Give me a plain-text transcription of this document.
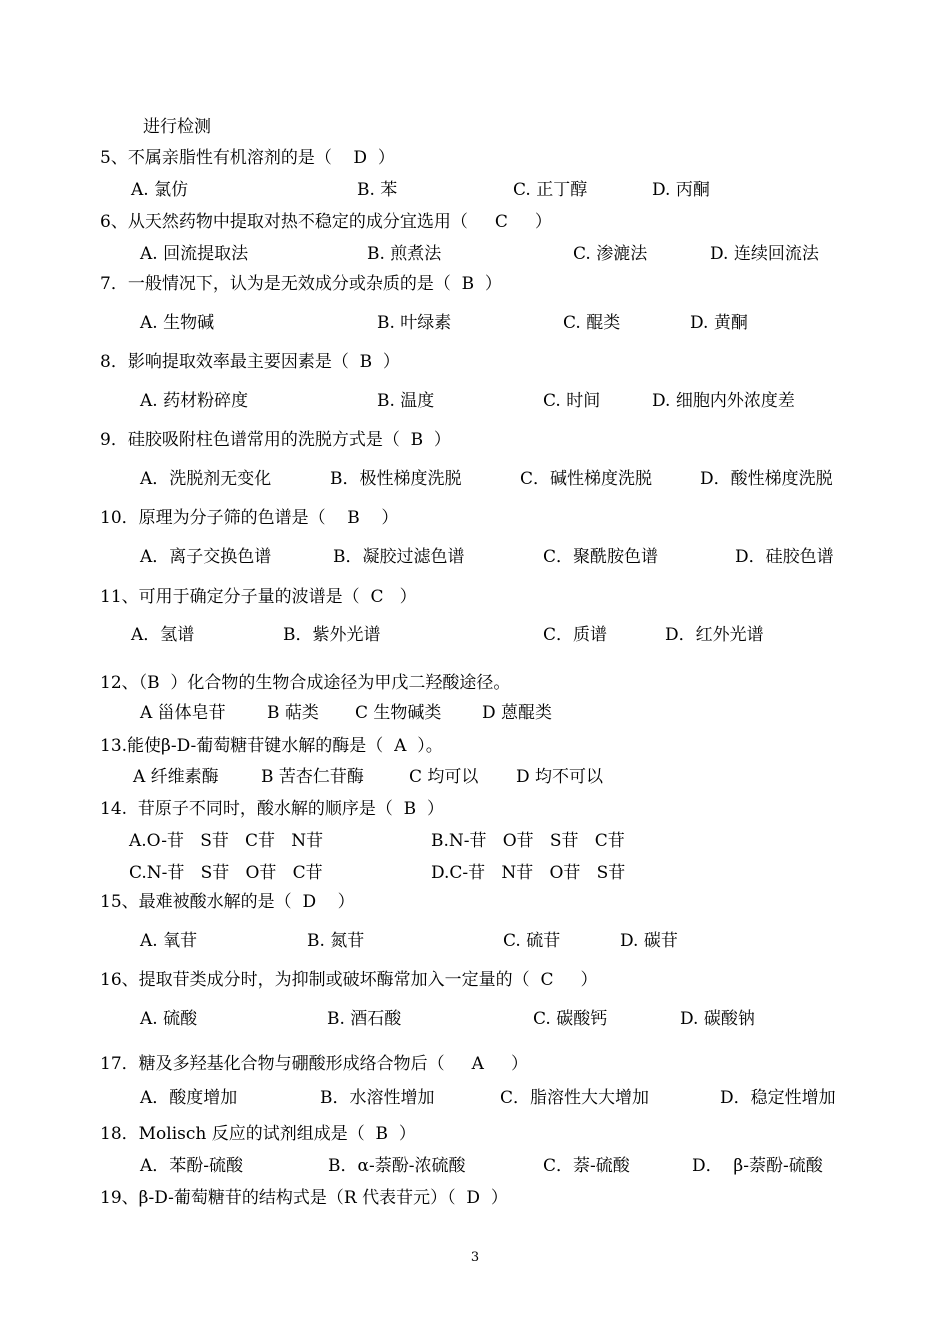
进行检测
5、不属亲脂性有机溶剂的是（    D  ）

A. 氯仿

	B. 苯

	C. 正丁醇

	D. 丙酮

6、从天然药物中提取对热不稳定的成分宜选用（     C     ）

A. 回流提取法

	B. 煎煮法

	C. 渗漉法

	D. 连续回流法

7．一般情况下，认为是无效成分或杂质的是（  B  ）

A. 生物碱

	B. 叶绿素

	C. 醌类

	D. 黄酮

8．影响提取效率最主要因素是（  B  ）

A. 药材粉碎度

	B. 温度

	C. 时间

	D. 细胞内外浓度差

9．硅胶吸附柱色谱常用的洗脱方式是（  B  ）

A．洗脱剂无变化

	B．极性梯度洗脱

	C．碱性梯度洗脱

	D．酸性梯度洗脱

10．原理为分子筛的色谱是（    B    ）

A．离子交换色谱

	B．凝胶过滤色谱

	C．聚酰胺色谱

	D．硅胶色谱

11、可用于确定分子量的波谱是（  C   ）

A．氢谱

	B．紫外光谱

	C．质谱

	D．红外光谱

12、（B  ）化合物的生物合成途径为甲戊二羟酸途径。

A 甾体皂苷

B 萜类

C 生物碱类

D 蒽醌类

13.能使β-D-葡萄糖苷键水解的酶是（  A  ）。

A 纤维素酶

B 苦杏仁苷酶

	C 均可以

D 均不可以

14.  苷原子不同时，酸水解的顺序是（  B  ）

A.O-苷   S苷   C苷   N苷

	B.N-苷   O苷   S苷   C苷

C.N-苷   S苷   O苷   C苷

	D.C-苷   N苷   O苷   S苷

15、最难被酸水解的是（  D    ）

A. 氧苷

	B. 氮苷

	C. 硫苷

	D. 碳苷

16、提取苷类成分时，为抑制或破坏酶常加入一定量的（  C     ）

A. 硫酸

	B. 酒石酸

	C. 碳酸钙

	D. 碳酸钠

17．糖及多羟基化合物与硼酸形成络合物后（     A     ）

A．酸度增加

	B．水溶性增加

	C．脂溶性大大增加

	D．稳定性增加

18．Molisch 反应的试剂组成是（  B  ）

A．苯酚-硫酸

	B．α-萘酚-浓硫酸

	C．萘-硫酸

	D．  β-萘酚-硫酸

19、β-D-葡萄糖苷的结构式是（R 代表苷元）（  D  ）
3
